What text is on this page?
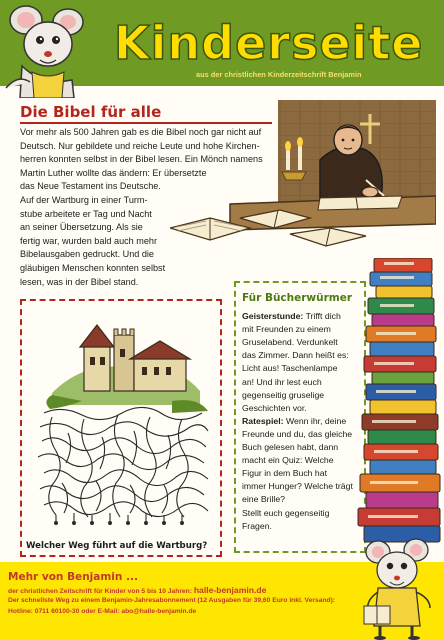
Kinderseite
aus der christlichen Kinderzeitschrift Benjamin
Die Bibel für alle
Vor mehr als 500 Jahren gab es die Bibel noch gar nicht auf
Deutsch. Nur gebildete und reiche Leute und hohe Kirchen-
herren konnten selbst in der Bibel lesen. Ein Mönch namens
Martin Luther wollte das ändern: Er übersetzte
das Neue Testament ins Deutsche.
Auf der Wartburg in einer Turm-
stube arbeitete er Tag und Nacht
an seiner Übersetzung. Als sie
fertig war, wurden bald auch mehr
Bibelausgaben gedruckt. Und die
gläubigen Menschen konnten selbst
lesen, was in der Bibel stand.
Welcher Weg führt auf die Wartburg?
Für Bücherwürmer
Geisterstunde: Trifft dich
mit Freunden zu einem
Gruselabend. Verdunkelt
das Zimmer. Dann heißt es:
Licht aus! Taschenlampe
an! Und ihr lest euch
gegenseitig gruselige
Geschichten vor.
Ratespiel: Wenn ihr, deine
Freunde und du, das gleiche
Buch gelesen habt, dann
macht ein Quiz: Welche
Figur in dem Buch hat
immer Hunger? Welche trägt
eine Brille?
Stellt euch gegenseitig
Fragen.
Mehr von Benjamin ...
der christlichen Zeitschrift für Kinder von 5 bis 10 Jahren: halle-benjamin.de
Der schnellste Weg zu einem Benjamin-Jahresabonnement (12 Ausgaben für 39,60 Euro inkl. Versand):
Hotline: 0711 60100-30 oder E-Mail: abo@halle-benjamin.de
